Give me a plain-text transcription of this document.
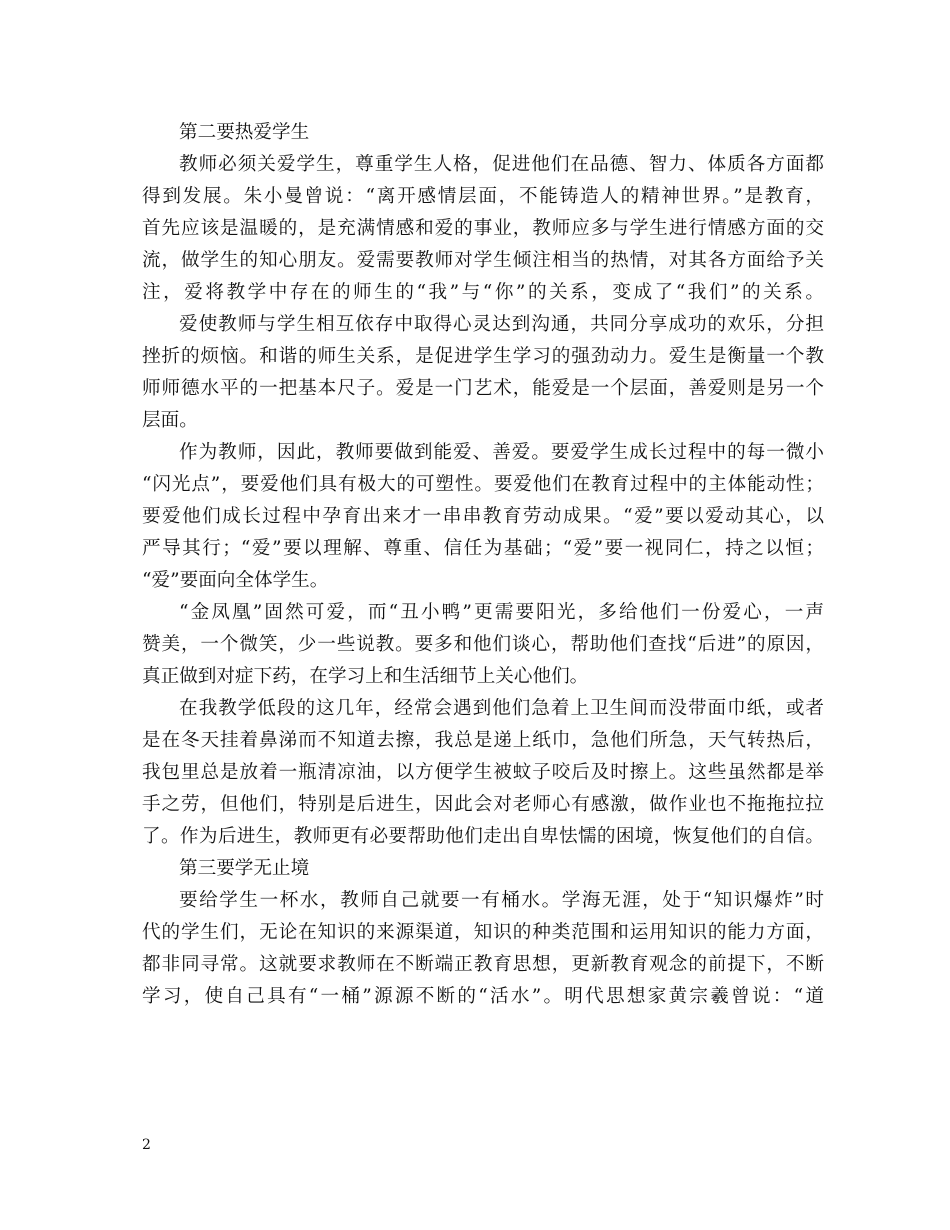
第二要热爱学生
教师必须关爱学生，尊重学生人格，促进他们在品德、智力、体质各方面都
得到发展。朱小曼曾说：“离开感情层面，不能铸造人的精神世界。”是教育，
首先应该是温暖的，是充满情感和爱的事业，教师应多与学生进行情感方面的交
流，做学生的知心朋友。爱需要教师对学生倾注相当的热情，对其各方面给予关
注，爱将教学中存在的师生的“我”与“你”的关系，变成了“我们”的关系。
爱使教师与学生相互依存中取得心灵达到沟通，共同分享成功的欢乐，分担
挫折的烦恼。和谐的师生关系，是促进学生学习的强劲动力。爱生是衡量一个教
师师德水平的一把基本尺子。爱是一门艺术，能爱是一个层面，善爱则是另一个
层面。
作为教师，因此，教师要做到能爱、善爱。要爱学生成长过程中的每一微小
“闪光点”，要爱他们具有极大的可塑性。要爱他们在教育过程中的主体能动性；
要爱他们成长过程中孕育出来才一串串教育劳动成果。“爱”要以爱动其心，以
严导其行；“爱”要以理解、尊重、信任为基础；“爱”要一视同仁，持之以恒；
“爱”要面向全体学生。
“金凤凰”固然可爱，而“丑小鸭”更需要阳光，多给他们一份爱心，一声
赞美，一个微笑，少一些说教。要多和他们谈心，帮助他们查找“后进”的原因，
真正做到对症下药，在学习上和生活细节上关心他们。
在我教学低段的这几年，经常会遇到他们急着上卫生间而没带面巾纸，或者
是在冬天挂着鼻涕而不知道去擦，我总是递上纸巾，急他们所急，天气转热后，
我包里总是放着一瓶清凉油，以方便学生被蚊子咬后及时擦上。这些虽然都是举
手之劳，但他们，特别是后进生，因此会对老师心有感激，做作业也不拖拖拉拉
了。作为后进生，教师更有必要帮助他们走出自卑怯懦的困境，恢复他们的自信。
第三要学无止境
要给学生一杯水，教师自己就要一有桶水。学海无涯，处于“知识爆炸”时
代的学生们，无论在知识的来源渠道，知识的种类范围和运用知识的能力方面，
都非同寻常。这就要求教师在不断端正教育思想，更新教育观念的前提下，不断
学习，使自己具有“一桶”源源不断的“活水”。明代思想家黄宗羲曾说：“道
2
